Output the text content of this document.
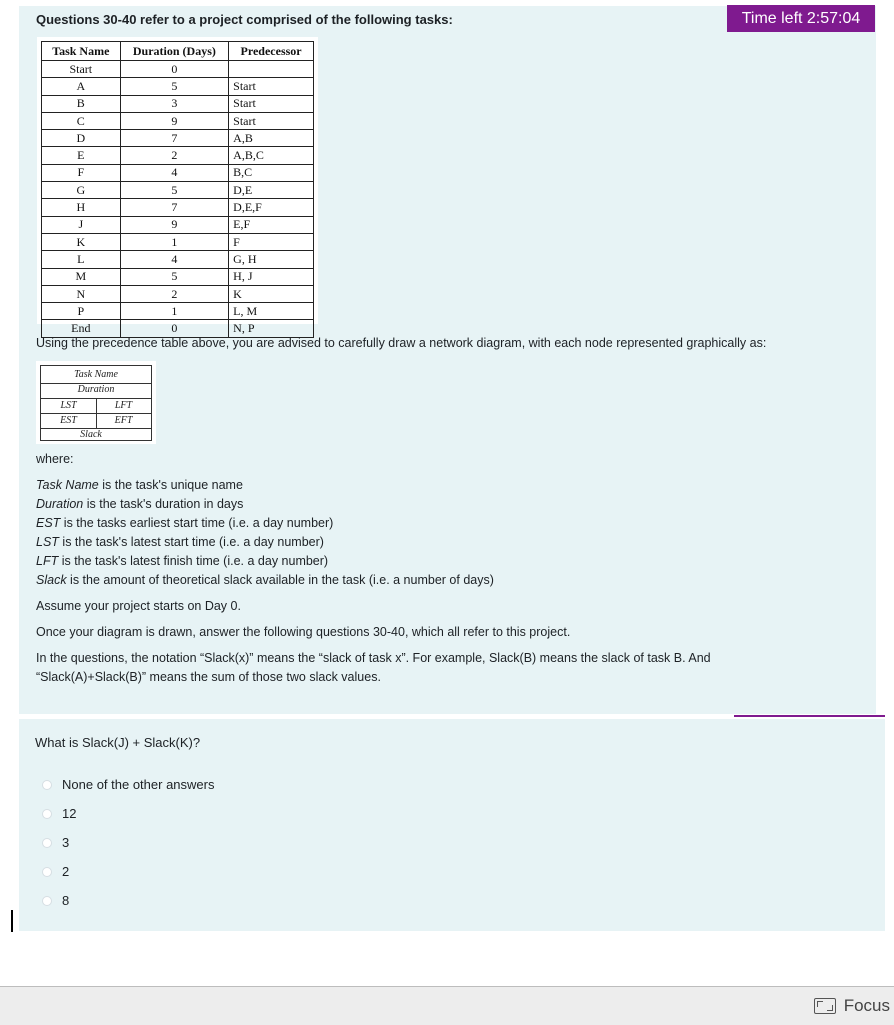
Questions 30-40 refer to a project comprised of the following tasks:	Time left 2:57:04
Task Name	Duration (Days)	Predecessor
Start	0	
A	5	Start
B	3	Start
C	9	Start
D	7	A,B
E	2	A,B,C
F	4	B,C
G	5	D,E
H	7	D,E,F
J	9	E,F
K	1	F
L	4	G, H
M	5	H, J
N	2	K
P	1	L, M
End	0	N, P
Using the precedence table above, you are advised to carefully draw a network diagram, with each node represented graphically as:
Task Name
Duration
LST	LFT
EST	EFT
Slack
where:
Task Name is the task's unique name
Duration is the task's duration in days
EST is the tasks earliest start time (i.e. a day number)
LST is the task's latest start time (i.e. a day number)
LFT is the task's latest finish time (i.e. a day number)
Slack is the amount of theoretical slack available in the task (i.e. a number of days)
Assume your project starts on Day 0.
Once your diagram is drawn, answer the following questions 30-40, which all refer to this project.
In the questions, the notation “Slack(x)” means the “slack of task x”. For example, Slack(B) means the slack of task B. And
“Slack(A)+Slack(B)” means the sum of those two slack values.
What is Slack(J) + Slack(K)?
None of the other answers
12
3
2
8
Focus
